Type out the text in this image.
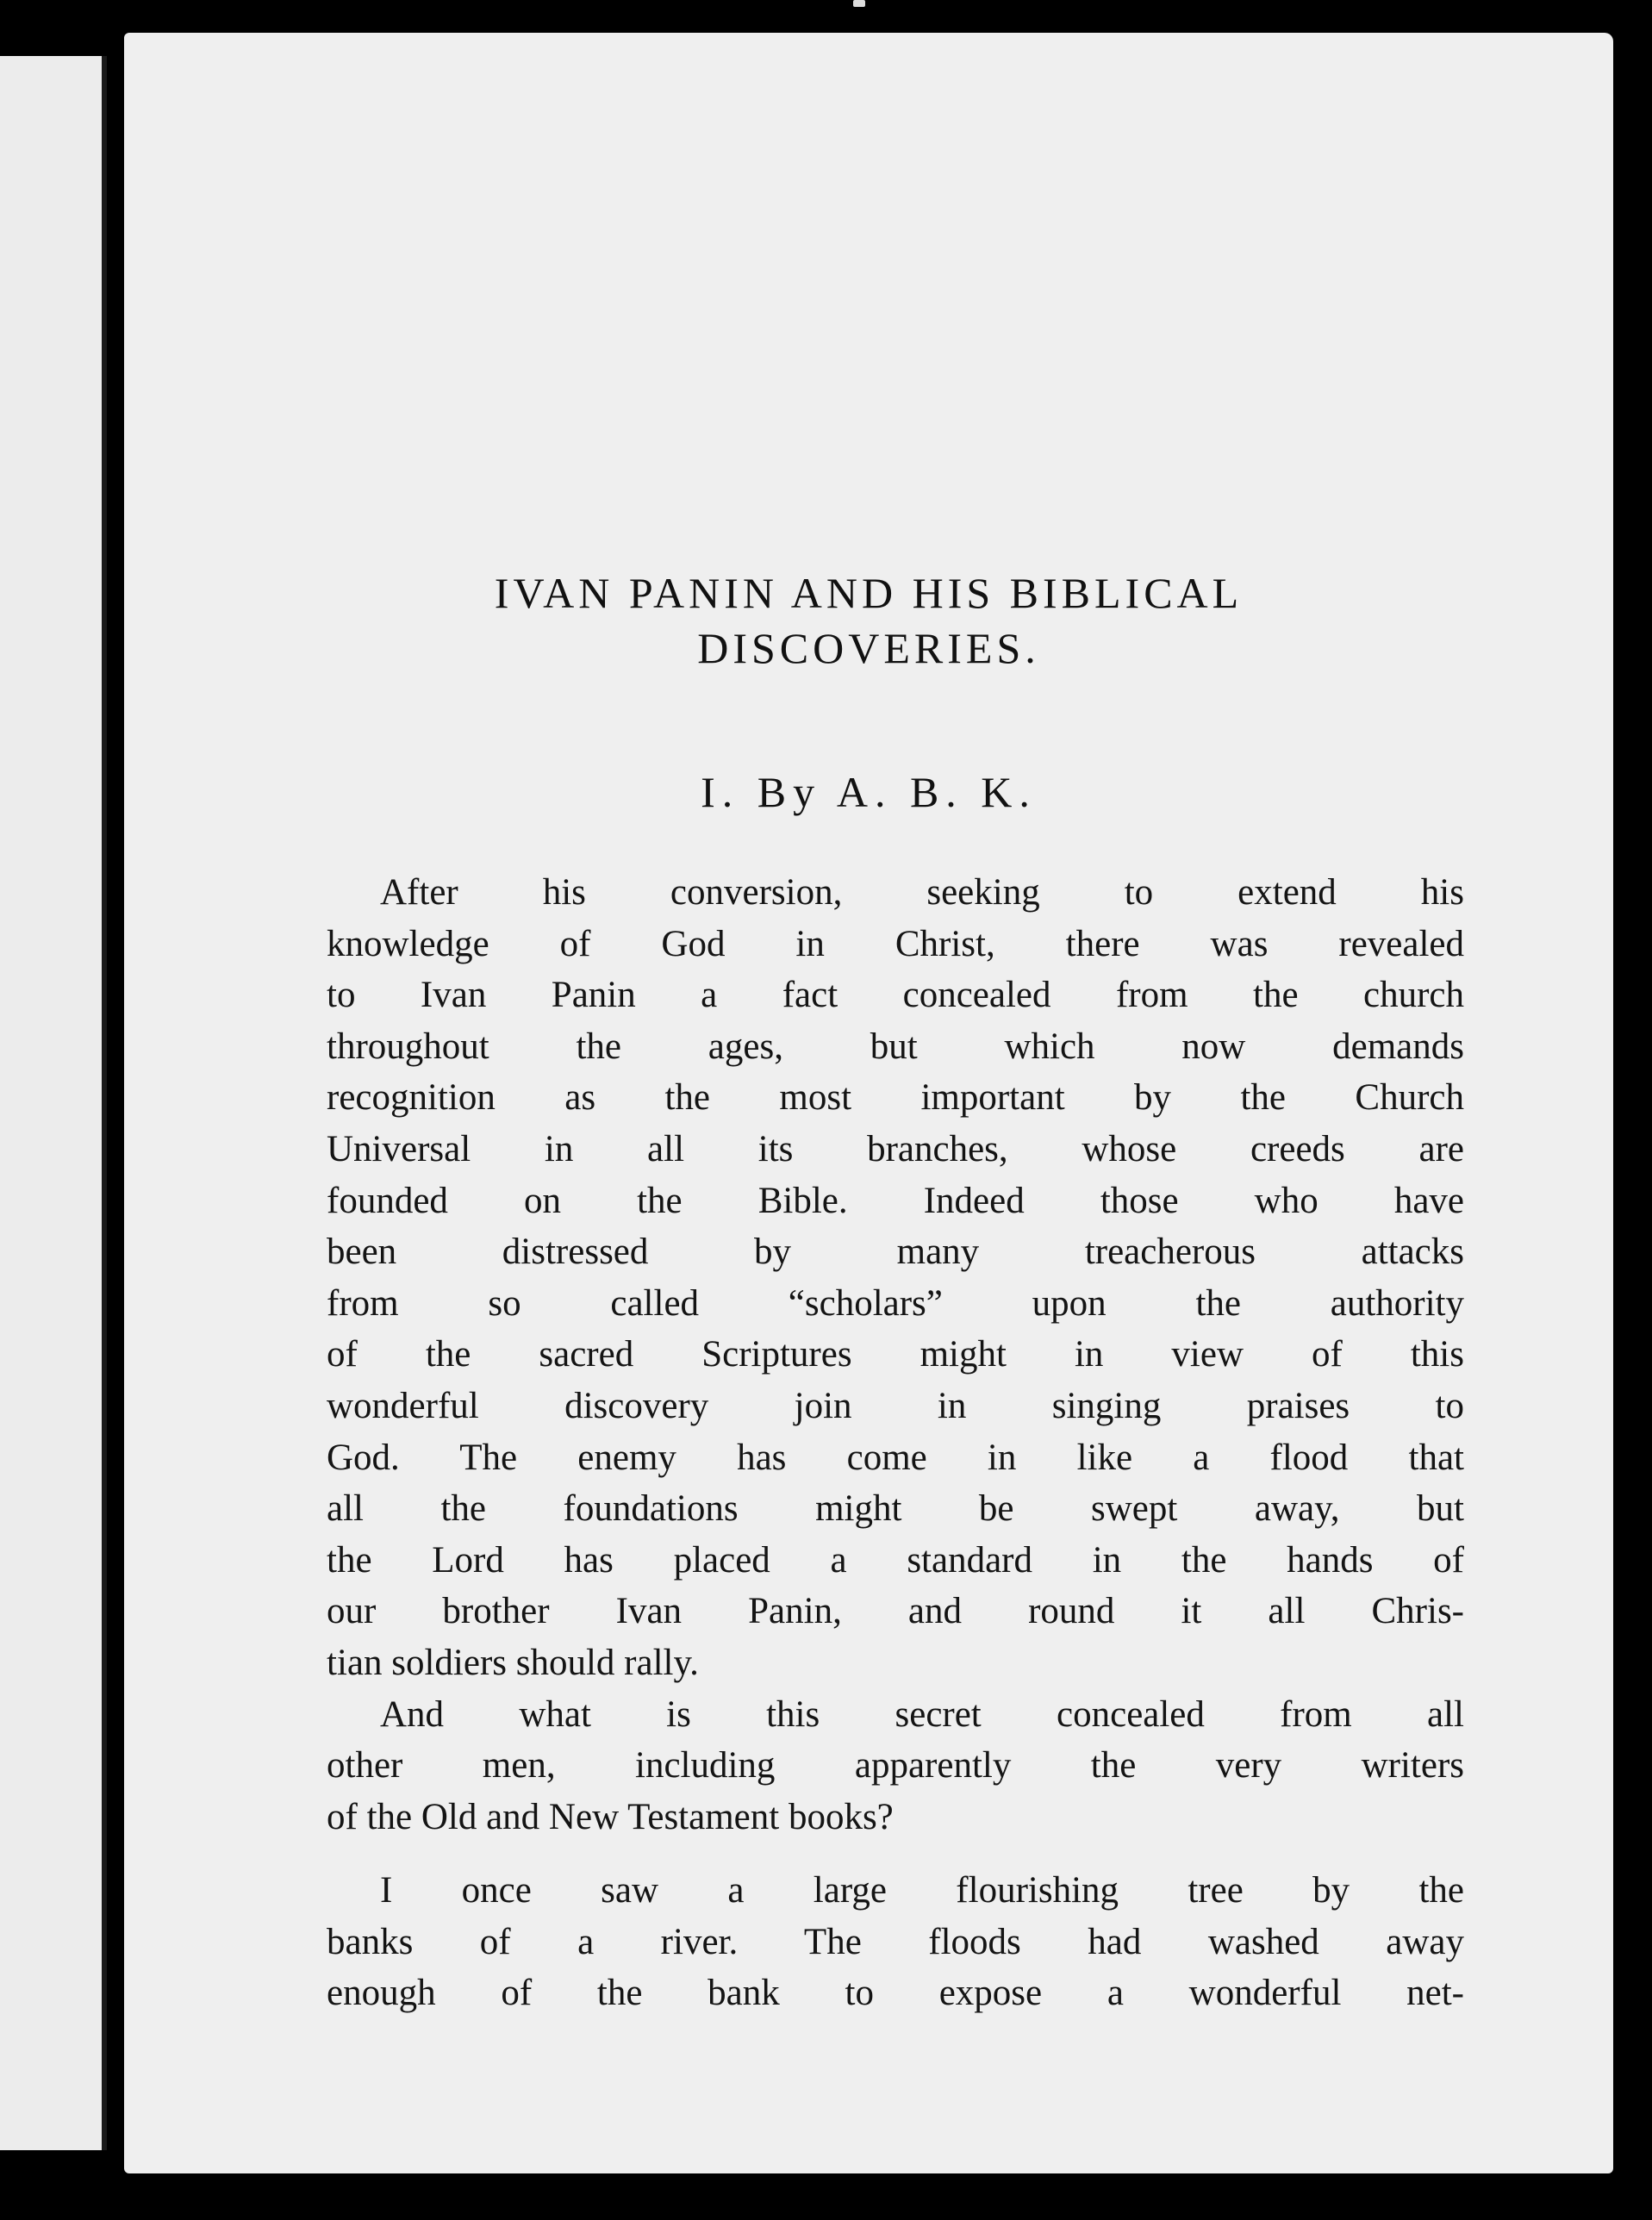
IVAN PANIN AND HIS BIBLICAL
DISCOVERIES.
I. By A. B. K.
After his conversion, seeking to extend his
knowledge of God in Christ, there was revealed
to Ivan Panin a fact concealed from the church
throughout the ages, but which now demands
recognition as the most important by the Church
Universal in all its branches, whose creeds are
founded on the Bible. Indeed those who have
been distressed by many treacherous attacks
from so called “scholars” upon the authority
of the sacred Scriptures might in view of this
wonderful discovery join in singing praises to
God. The enemy has come in like a flood that
all the foundations might be swept away, but
the Lord has placed a standard in the hands of
our brother Ivan Panin, and round it all Chris-
tian soldiers should rally.
And what is this secret concealed from all
other men, including apparently the very writers
of the Old and New Testament books?
I once saw a large flourishing tree by the
banks of a river. The floods had washed away
enough of the bank to expose a wonderful net-
